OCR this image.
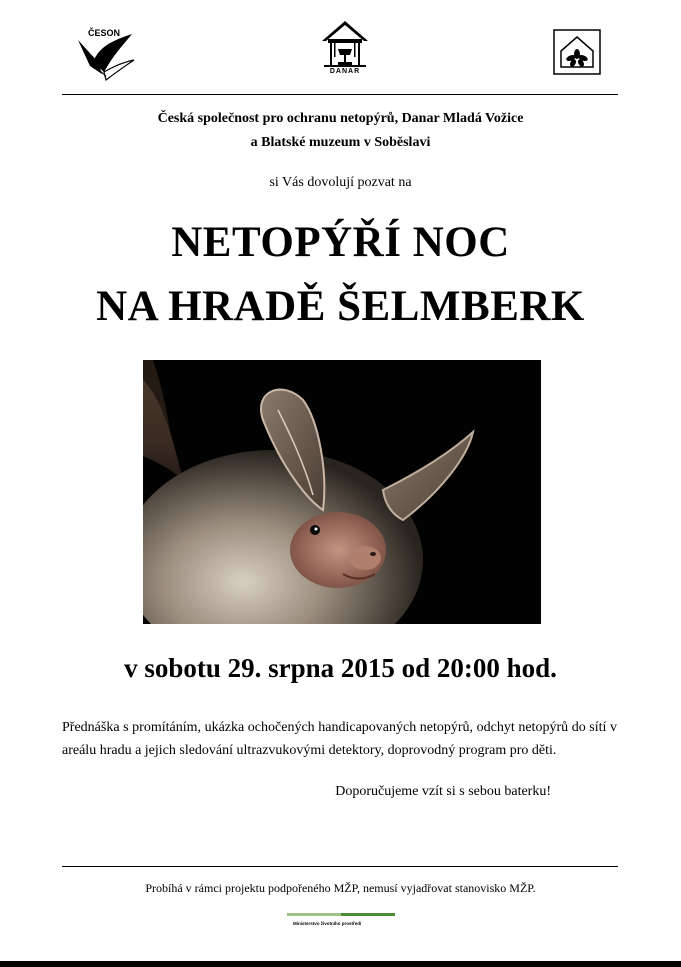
ČESON
DANAR
Česká společnost pro ochranu netopýrů, Danar Mladá Vožice
a Blatské muzeum v Soběslavi
si Vás dovolují pozvat na
NETOPÝŘÍ NOC
NA HRADĚ ŠELMBERK
v sobotu 29. srpna 2015 od 20:00 hod.
Přednáška s promítáním, ukázka ochočených handicapovaných netopýrů, odchyt netopýrů do sítí v areálu hradu a jejich sledování ultrazvukovými detektory, doprovodný program pro děti.
Doporučujeme vzít si s sebou baterku!
Probíhá v rámci projektu podpořeného MŽP, nemusí vyjadřovat stanovisko MŽP.
Ministerstvo životního prostředí
